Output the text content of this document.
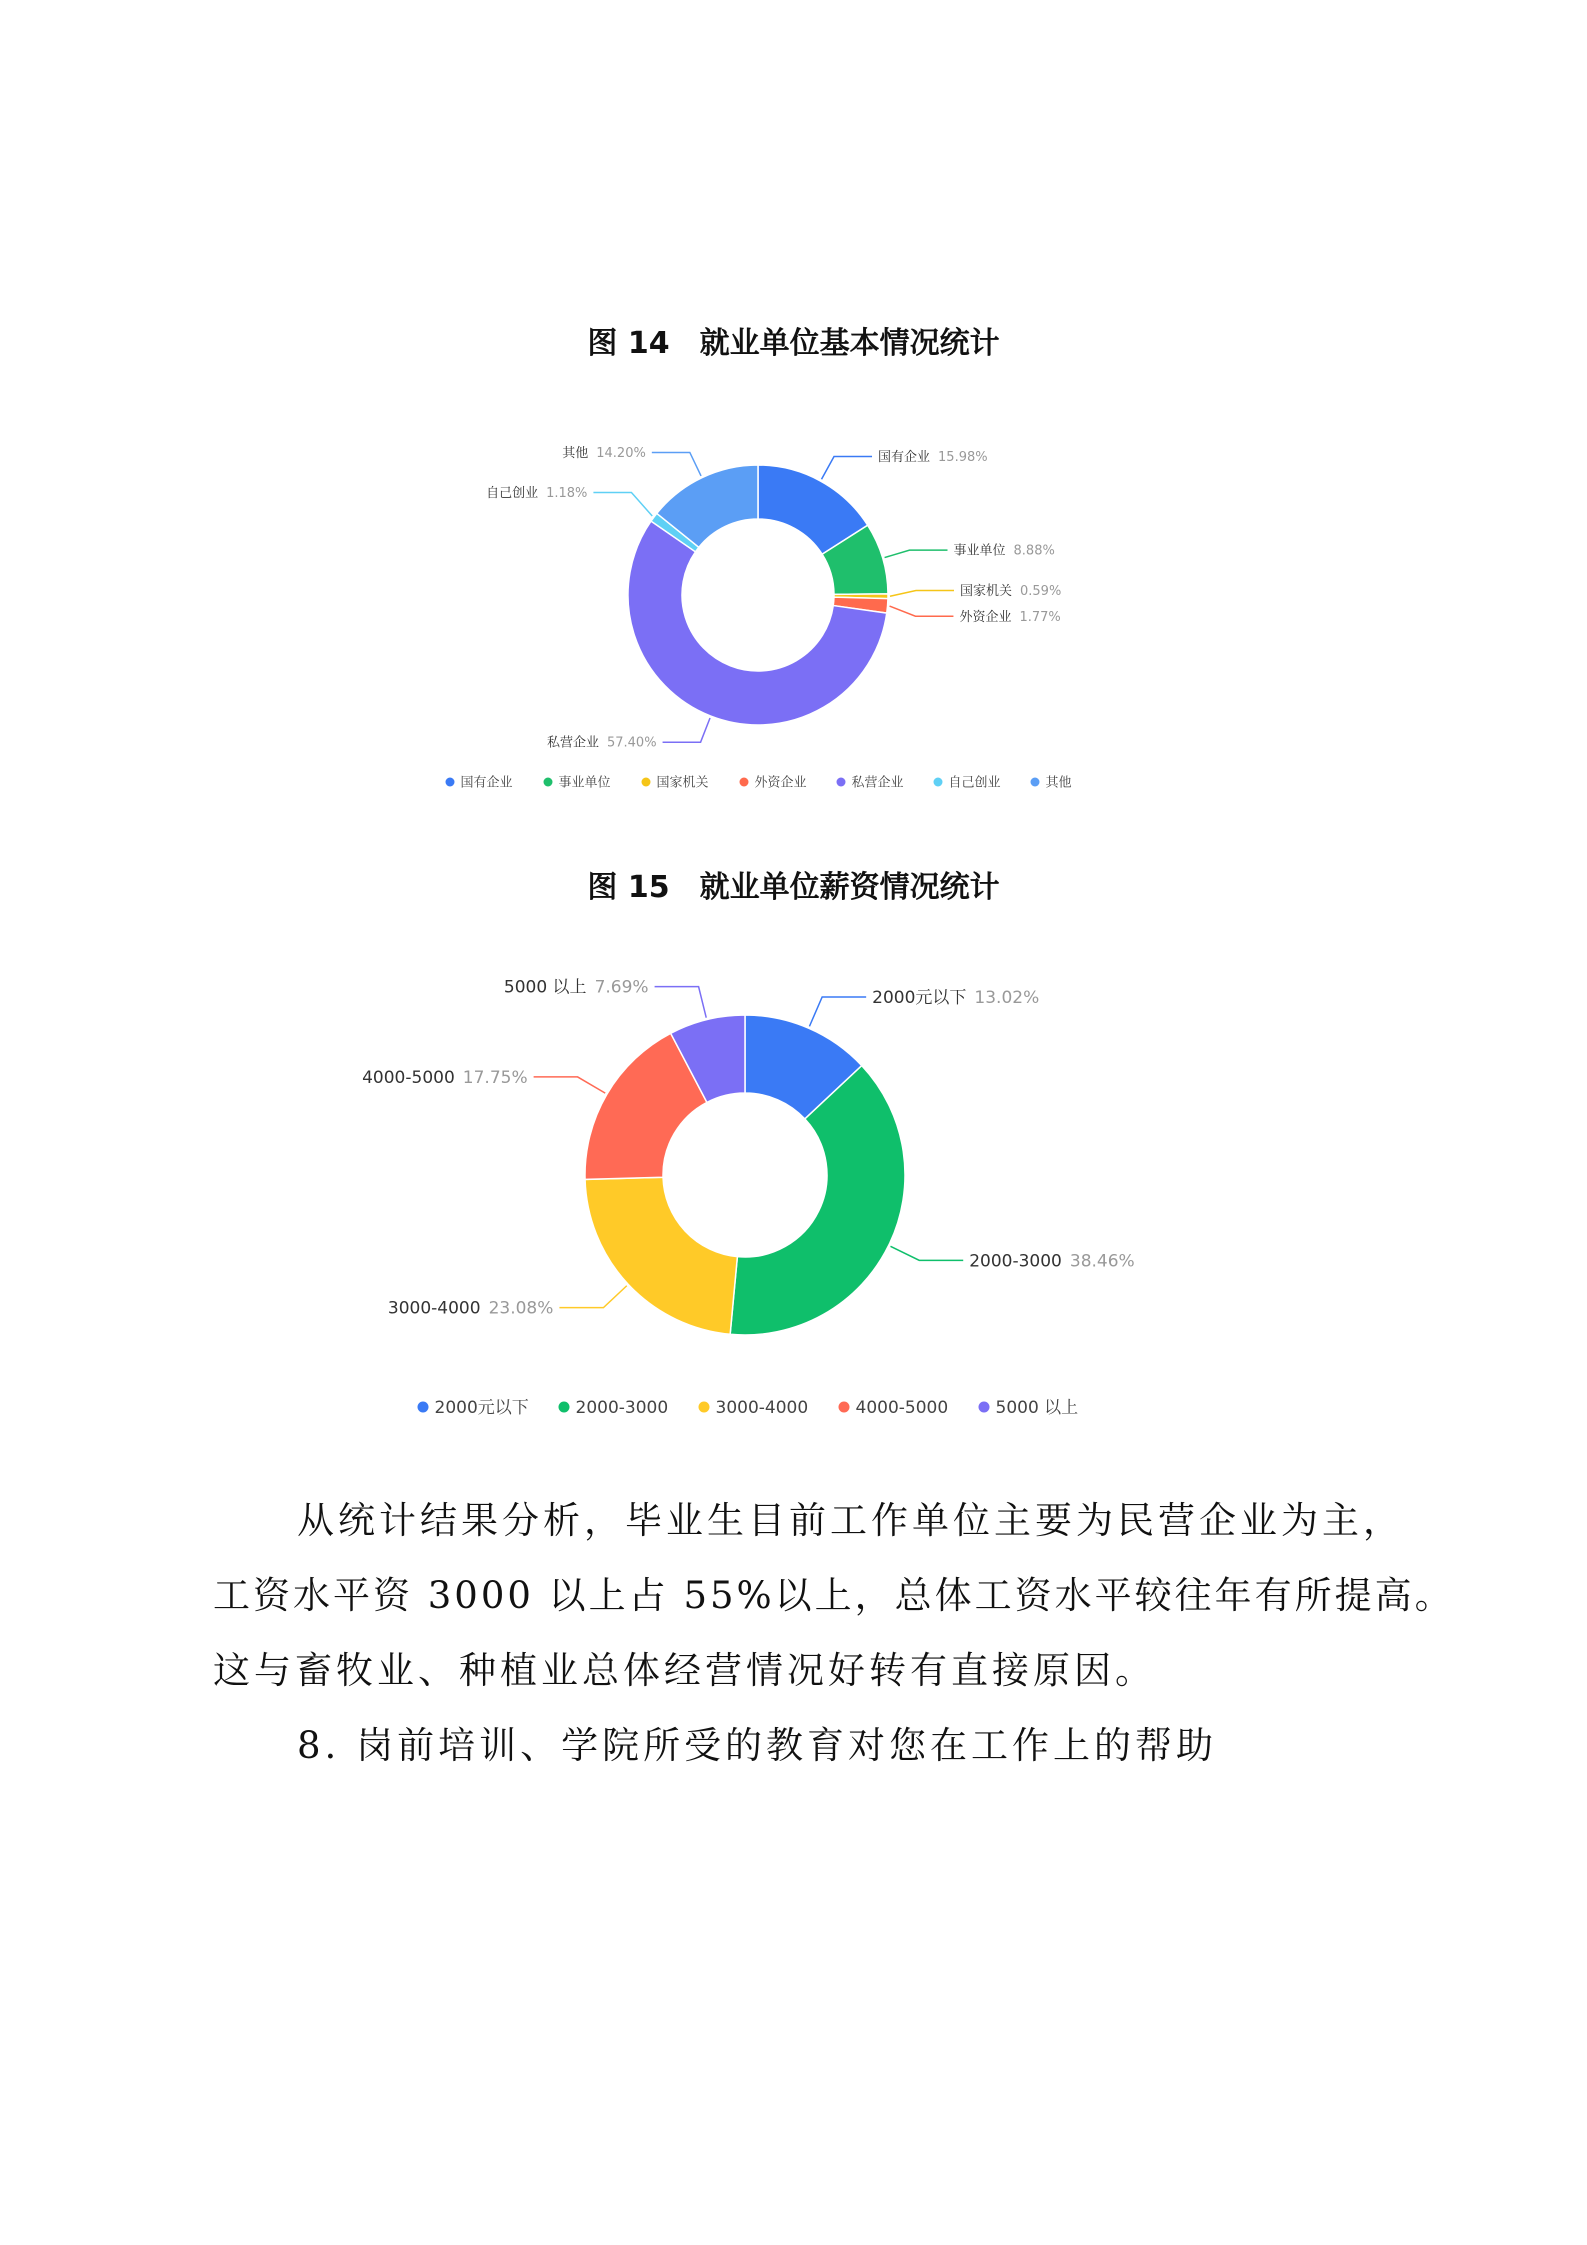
图 14　就业单位基本情况统计
国有企业 15.98%
事业单位 8.88%
国家机关 0.59%
外资企业 1.77%
私营企业 57.40%
自己创业 1.18%
其他 14.20%
国有企业	事业单位	国家机关	外资企业	私营企业	自己创业	其他
图 15　就业单位薪资情况统计
2000元以下 13.02%
2000-3000 38.46%
3000-4000 23.08%
4000-5000 17.75%
5000 以上 7.69%
2000元以下	2000-3000	3000-4000	4000-5000	5000 以上
从统计结果分析，毕业生目前工作单位主要为民营企业为主，
工资水平资 3000 以上占 55%以上，总体工资水平较往年有所提高。
这与畜牧业、种植业总体经营情况好转有直接原因。
8. 岗前培训、学院所受的教育对您在工作上的帮助
